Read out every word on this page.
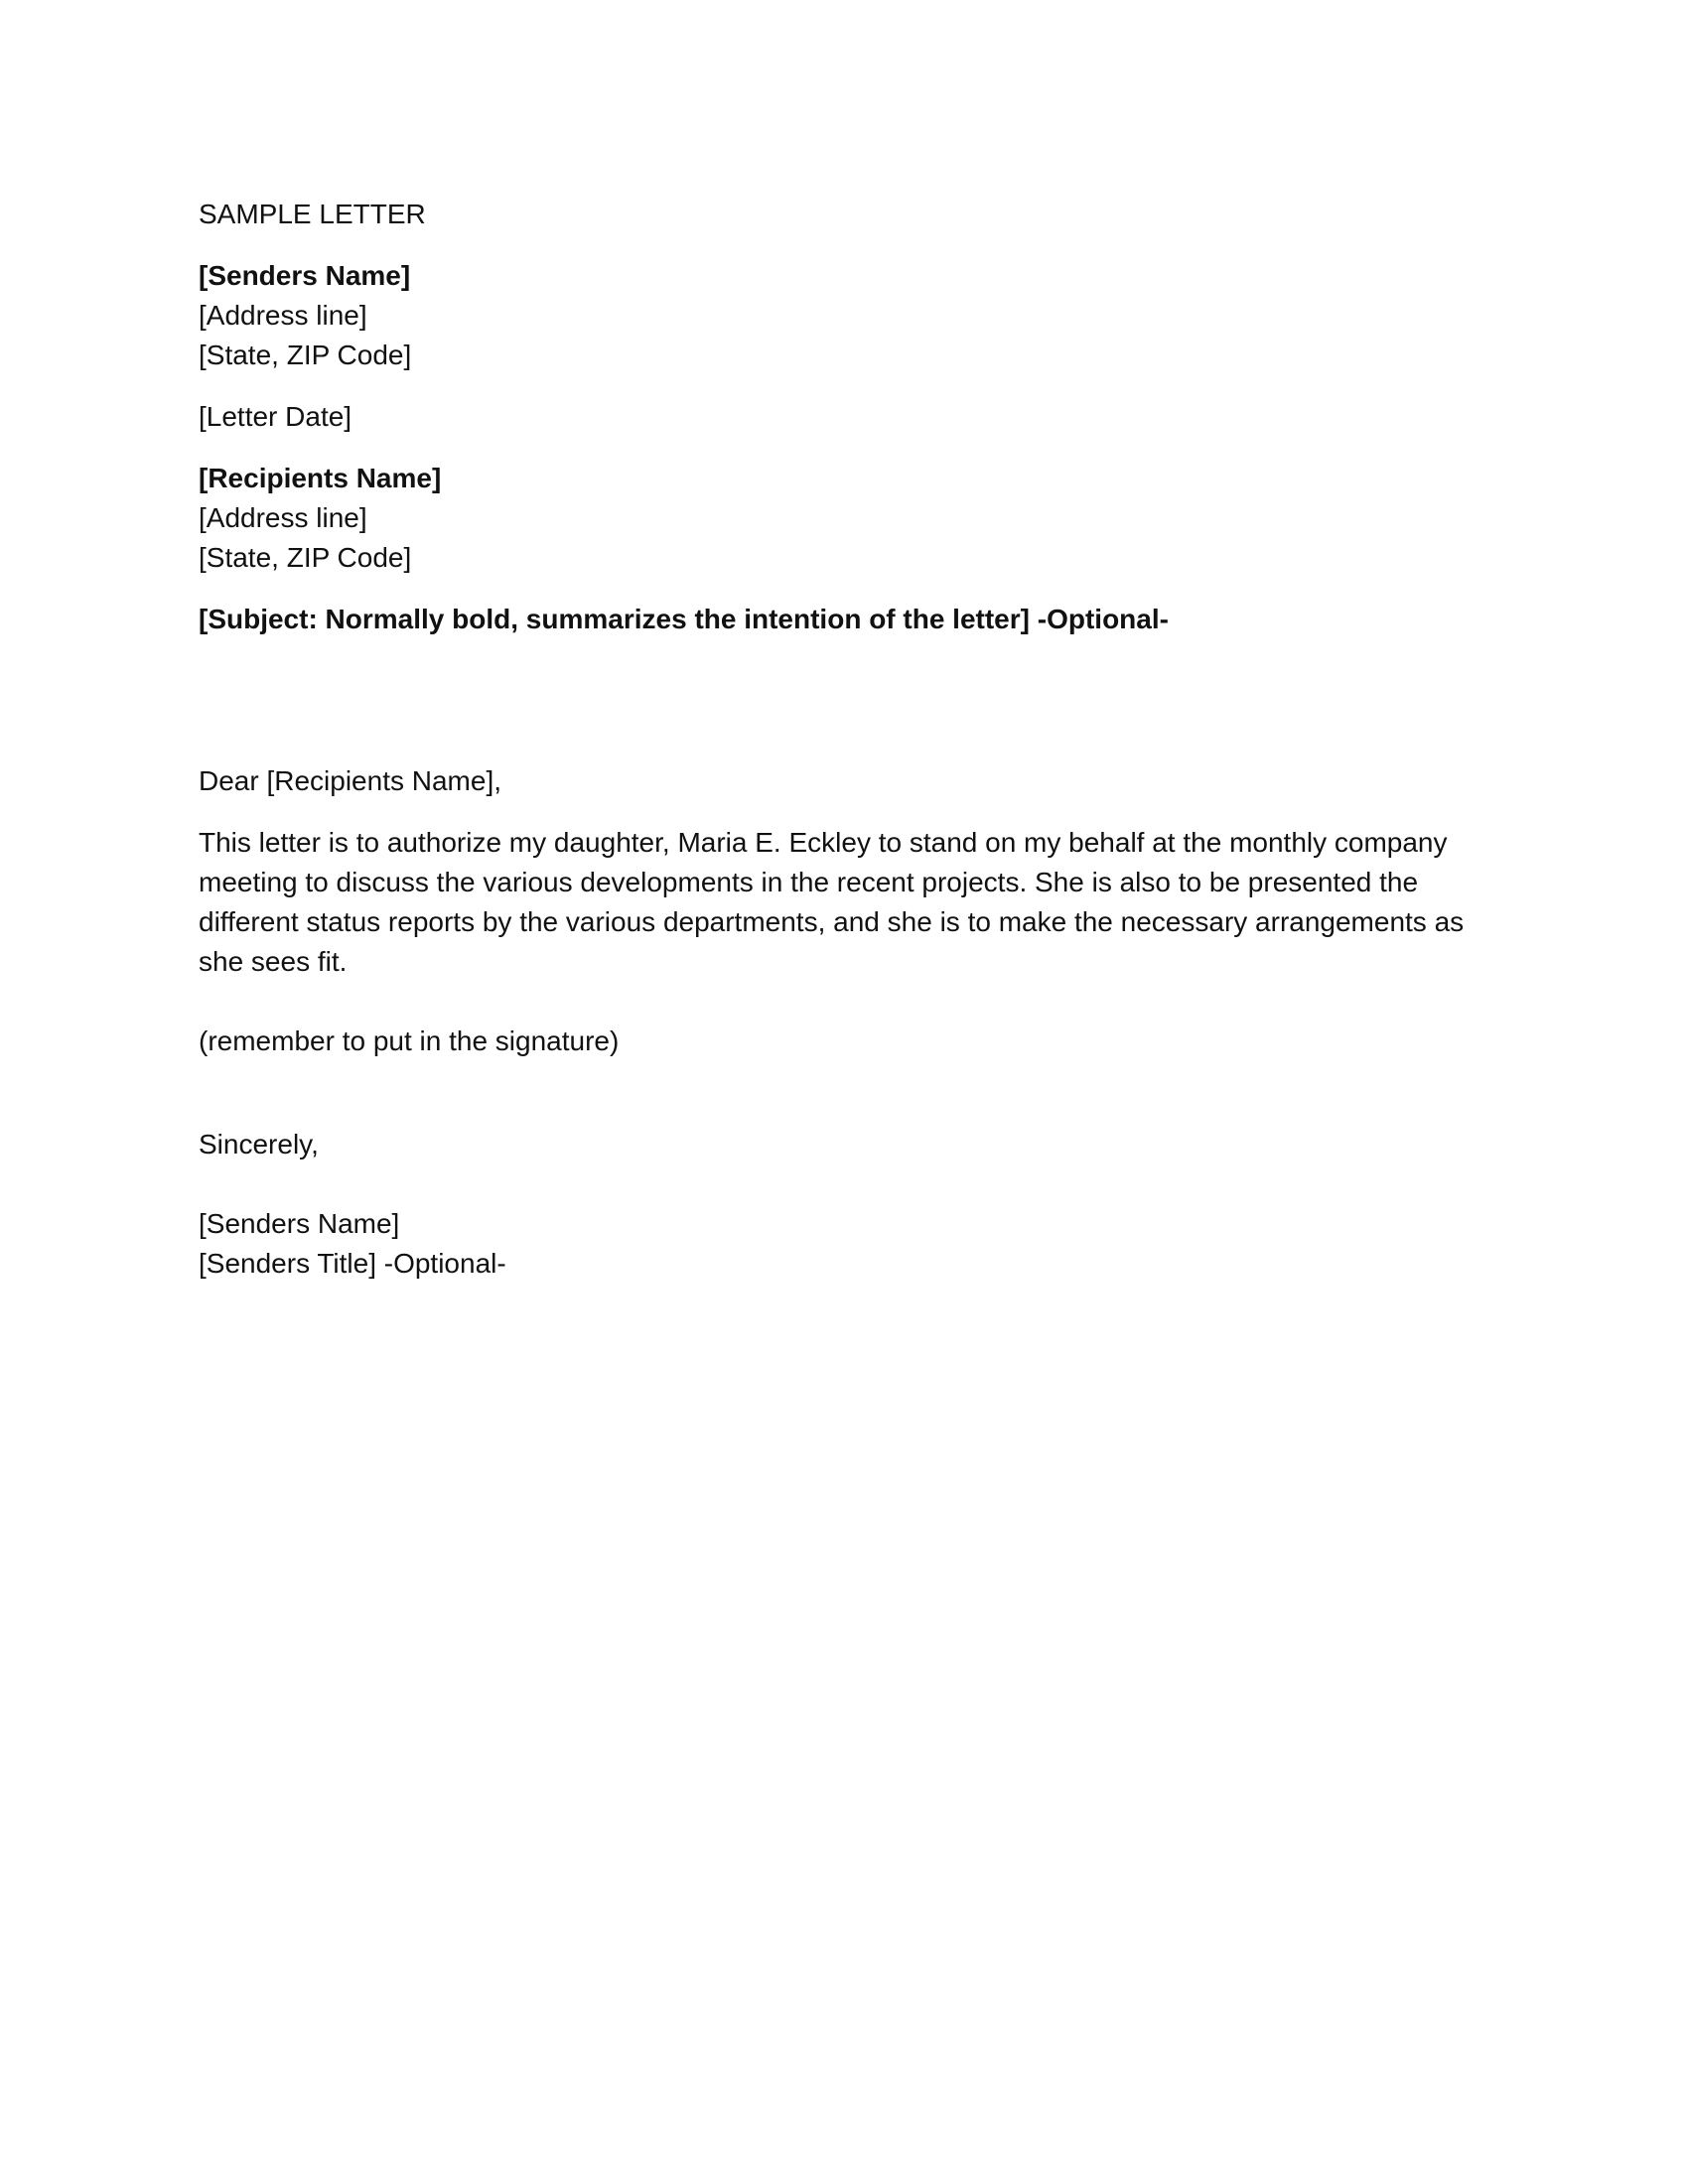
SAMPLE LETTER
[Senders Name]
[Address line]
[State, ZIP Code]
[Letter Date]
[Recipients Name]
[Address line]
[State, ZIP Code]
[Subject: Normally bold, summarizes the intention of the letter] -Optional-
Dear [Recipients Name],
This letter is to authorize my daughter, Maria E. Eckley to stand on my behalf at the monthly company
meeting to discuss the various developments in the recent projects. She is also to be presented the
different status reports by the various departments, and she is to make the necessary arrangements as
she sees fit.
(remember to put in the signature)
Sincerely,
[Senders Name]
[Senders Title] -Optional-
